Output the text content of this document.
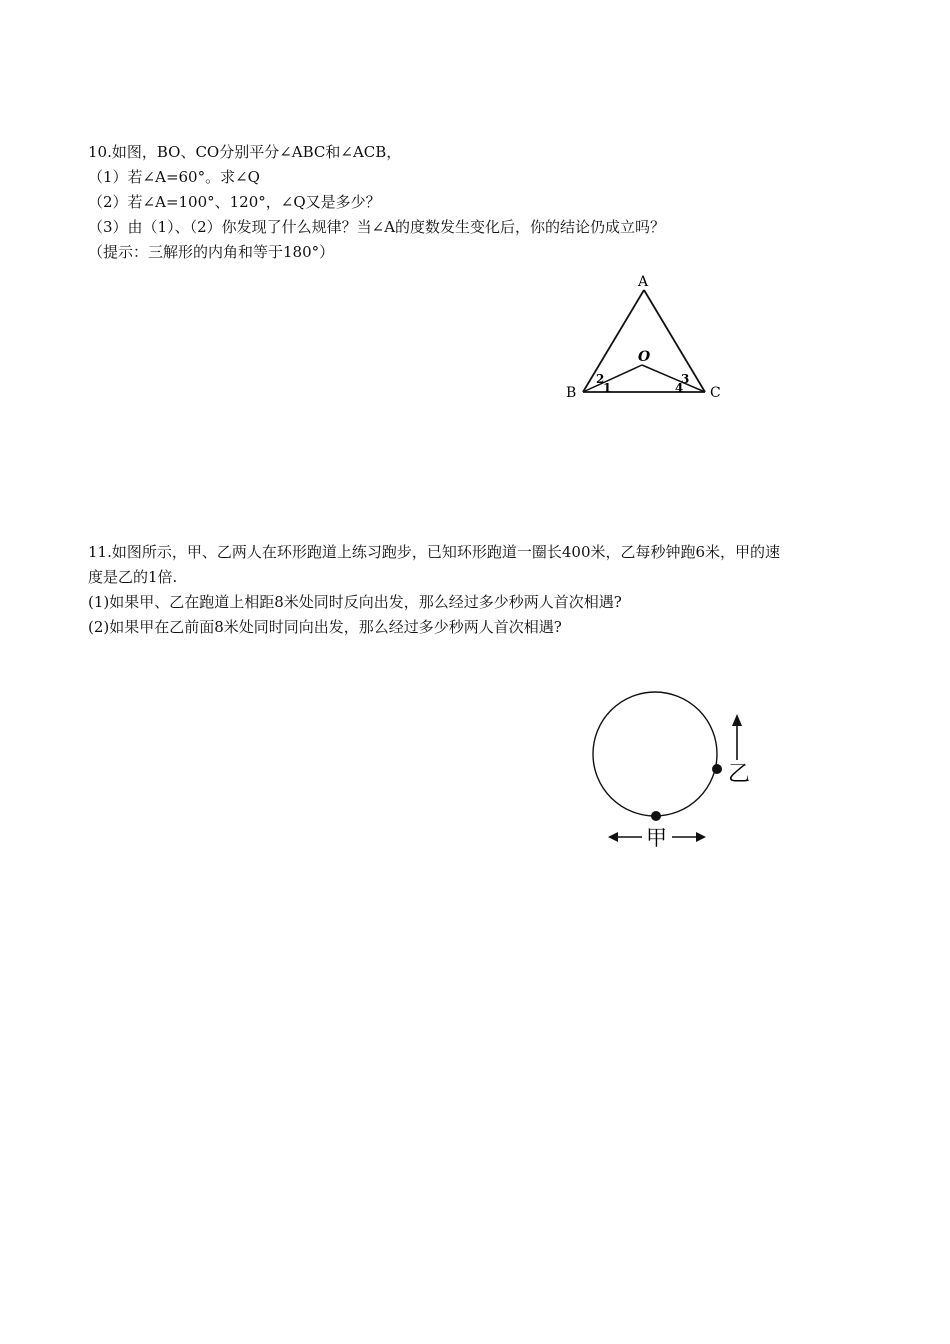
10.如图，BO、CO分别平分∠ABC和∠ACB，
（1）若∠A=60°。求∠Q
（2）若∠A=100°、120°，∠Q又是多少？
（3）由（1）、（2）你发现了什么规律？当∠A的度数发生变化后，你的结论仍成立吗？
（提示：三解形的内角和等于180°）
A
B	C
O
1
2	3
4
11.如图所示，甲、乙两人在环形跑道上练习跑步，已知环形跑道一圈长400米，乙每秒钟跑6米，甲的速
度是乙的1倍.
(1)如果甲、乙在跑道上相距8米处同时反向出发，那么经过多少秒两人首次相遇?
(2)如果甲在乙前面8米处同时同向出发，那么经过多少秒两人首次相遇?
乙
甲
